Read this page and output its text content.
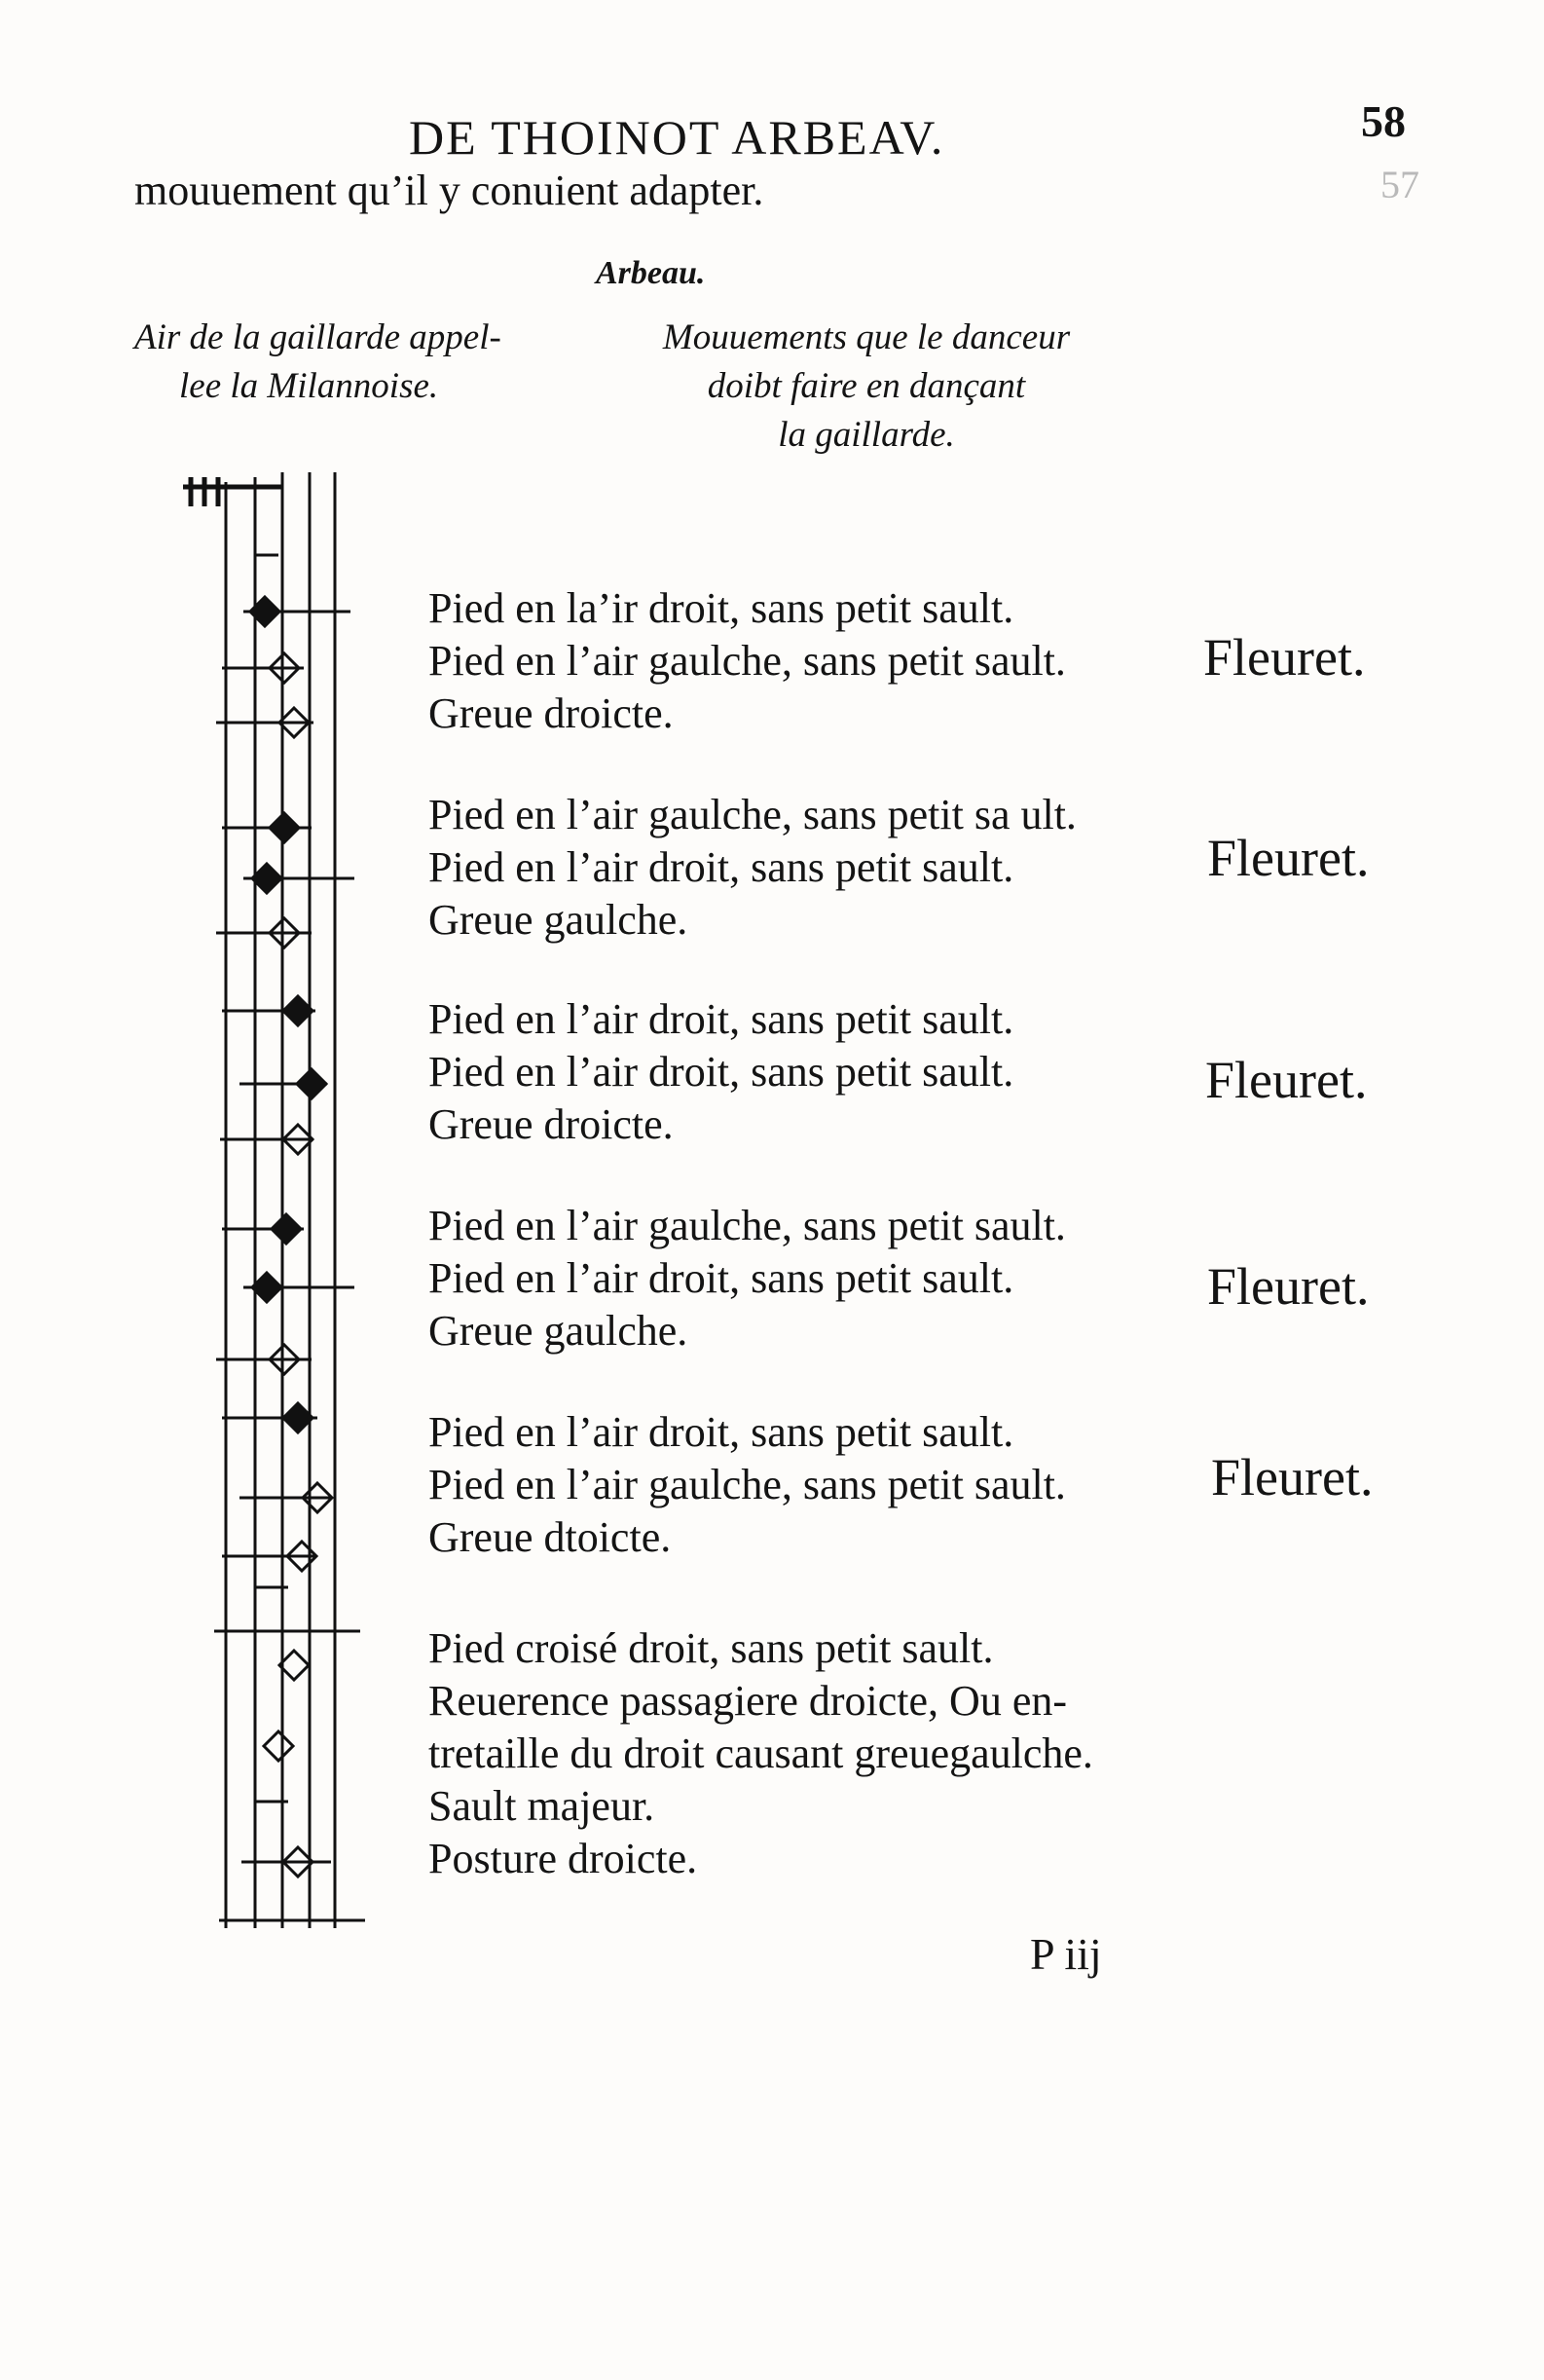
DE THOINOT ARBEAV.	58
57
mouuement qu’il y conuient adapter.
Arbeau.
Air de la gaillarde appel-
lee la Milannoise.
Mouuements que le danceur
doibt faire en dançant
la gaillarde.
Pied en la’ir droit, sans petit sault.
Pied en l’air gaulche, sans petit sault.
Greue droicte.
Fleuret.
Pied en l’air gaulche, sans petit sa ult.
Pied en l’air droit, sans petit sault.
Greue gaulche.
Fleuret.
Pied en l’air droit, sans petit sault.
Pied en l’air droit, sans petit sault.
Greue droicte.
Fleuret.
Pied en l’air gaulche, sans petit sault.
Pied en l’air droit, sans petit sault.
Greue gaulche.
Fleuret.
Pied en l’air droit, sans petit sault.
Pied en l’air gaulche, sans petit sault.
Greue dtoicte.
Fleuret.
Pied croisé droit, sans petit sault.
Reuerence passagiere droicte, Ou en-
tretaille du droit causant greuegaulche.
Sault majeur.
Posture droicte.
P iij
